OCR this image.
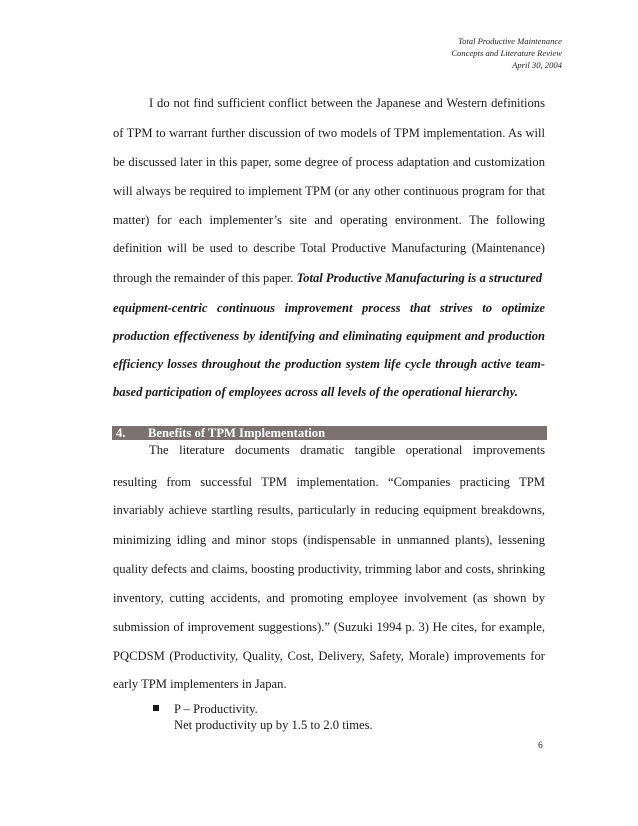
Total Productive Maintenance
Concepts and Literature Review
April 30, 2004
I do not find sufficient conflict between the Japanese and Western definitions
of TPM to warrant further discussion of two models of TPM implementation. As will
be discussed later in this paper, some degree of process adaptation and customization
will always be required to implement TPM (or any other continuous program for that
matter) for each implementer’s site and operating environment. The following
definition will be used to describe Total Productive Manufacturing (Maintenance)
through the remainder of this paper. Total Productive Manufacturing is a structured
equipment-centric continuous improvement process that strives to optimize
production effectiveness by identifying and eliminating equipment and production
efficiency losses throughout the production system life cycle through active team-
based participation of employees across all levels of the operational hierarchy.
4. Benefits of TPM Implementation
The literature documents dramatic tangible operational improvements
resulting from successful TPM implementation. “Companies practicing TPM
invariably achieve startling results, particularly in reducing equipment breakdowns,
minimizing idling and minor stops (indispensable in unmanned plants), lessening
quality defects and claims, boosting productivity, trimming labor and costs, shrinking
inventory, cutting accidents, and promoting employee involvement (as shown by
submission of improvement suggestions).” (Suzuki 1994 p. 3) He cites, for example,
PQCDSM (Productivity, Quality, Cost, Delivery, Safety, Morale) improvements for
early TPM implementers in Japan.
P – Productivity.
Net productivity up by 1.5 to 2.0 times.
6
